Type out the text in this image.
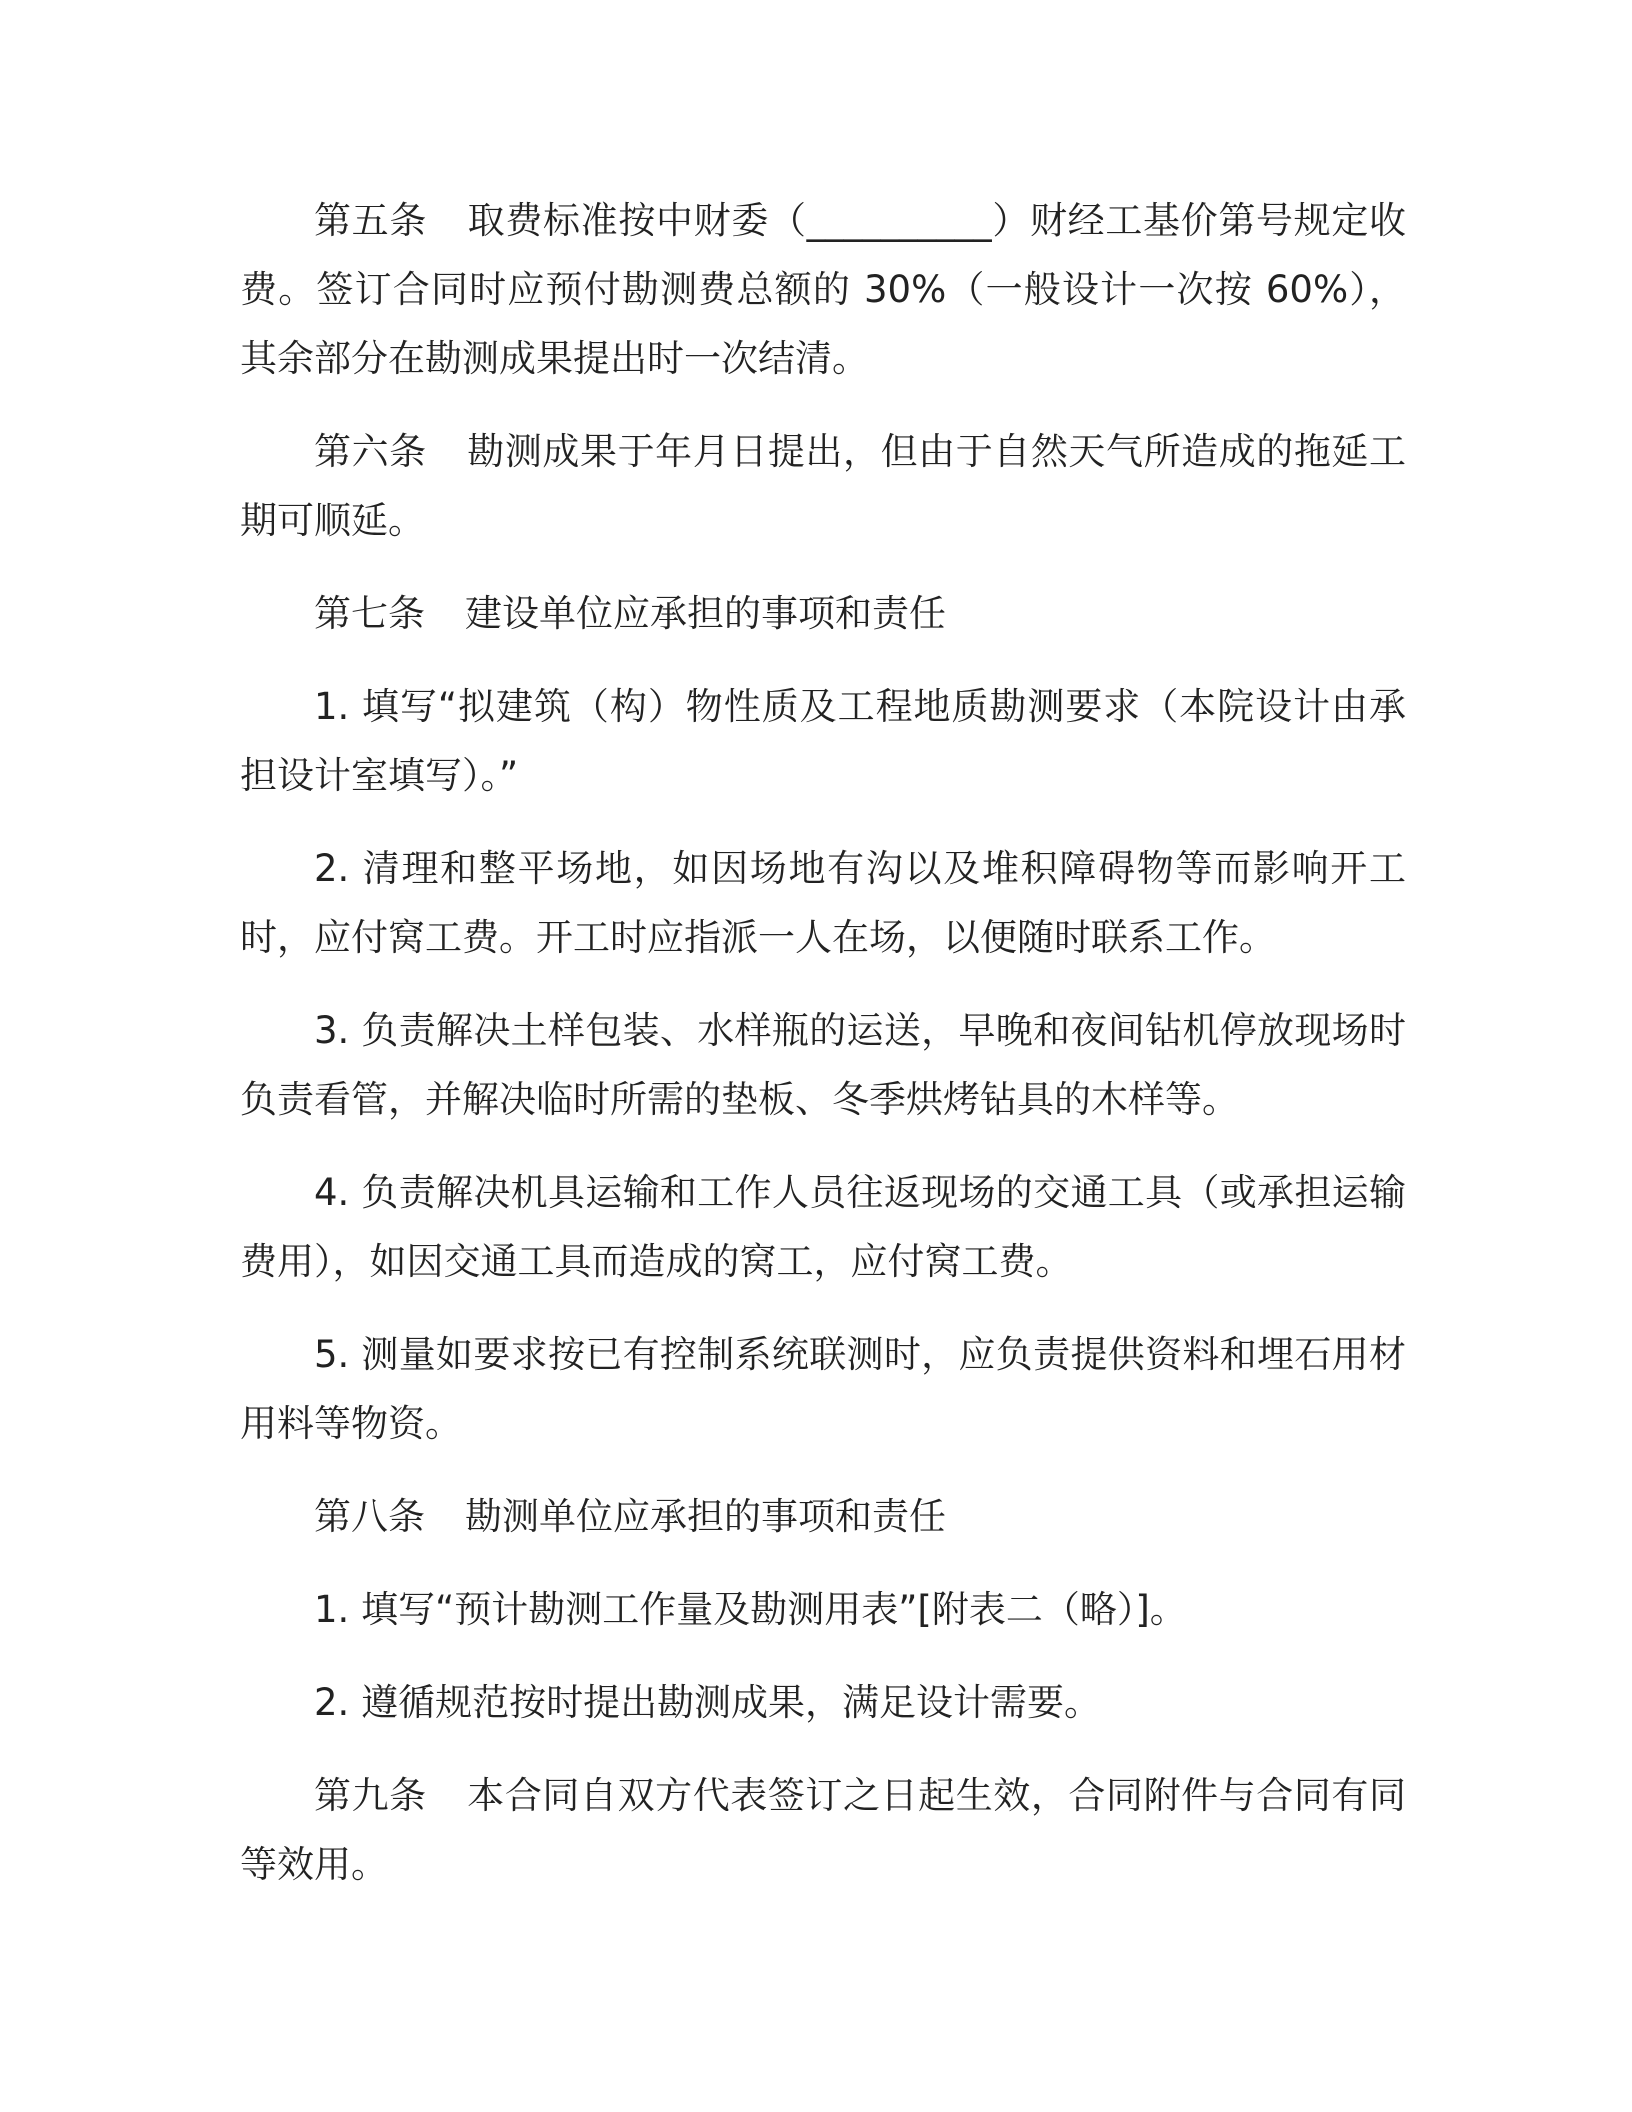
第五条 取费标准按中财委（__________）财经工基价第号规定收费。签订合同时应预付勘测费总额的 30%（一般设计一次按 60%），其余部分在勘测成果提出时一次结清。

第六条 勘测成果于年月日提出，但由于自然天气所造成的拖延工期可顺延。

第七条 建设单位应承担的事项和责任

1. 填写“拟建筑（构）物性质及工程地质勘测要求（本院设计由承担设计室填写）。”

2. 清理和整平场地，如因场地有沟以及堆积障碍物等而影响开工时，应付窝工费。开工时应指派一人在场，以便随时联系工作。

3. 负责解决土样包装、水样瓶的运送，早晚和夜间钻机停放现场时负责看管，并解决临时所需的垫板、冬季烘烤钻具的木样等。

4. 负责解决机具运输和工作人员往返现场的交通工具（或承担运输费用），如因交通工具而造成的窝工，应付窝工费。

5. 测量如要求按已有控制系统联测时，应负责提供资料和埋石用材用料等物资。

第八条 勘测单位应承担的事项和责任

1. 填写“预计勘测工作量及勘测用表”[附表二（略）]。

2. 遵循规范按时提出勘测成果，满足设计需要。

第九条 本合同自双方代表签订之日起生效，合同附件与合同有同等效用。
